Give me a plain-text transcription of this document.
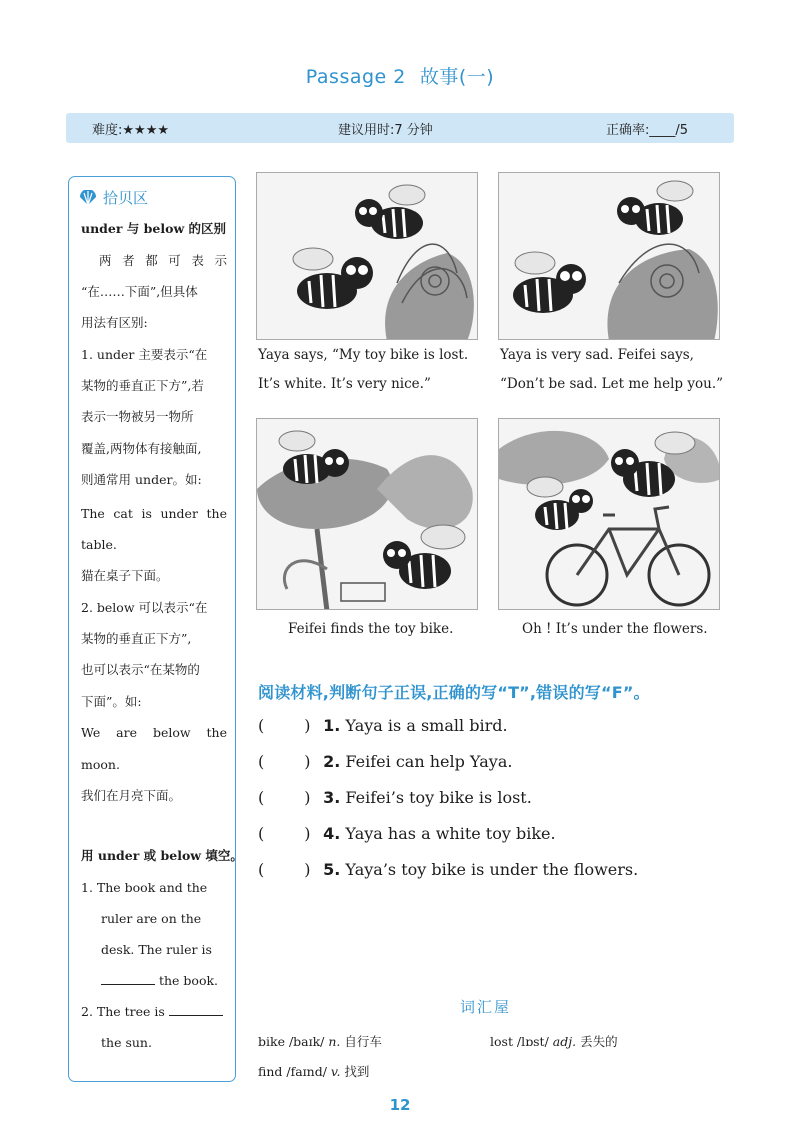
Passage 2 故事(一)
难度:★★★★	建议用时:7 分钟	正确率:____/5
拾贝区
under 与 below 的区别
两 者 都 可 表 示
“在……下面”,但具体
用法有区别:
1. under 主要表示“在
某物的垂直正下方”,若
表示一物被另一物所
覆盖,两物体有接触面,
则通常用 under。如:
The cat is under the
table.
猫在桌子下面。
2. below 可以表示“在
某物的垂直正下方”,
也可以表示“在某物的
下面”。如:
We are below the
moon.
我们在月亮下面。
用 under 或 below 填空。
1. The book and the
ruler are on the
desk. The ruler is
the book.
2. The tree is
the sun.
Yaya says, “My toy bike is lost.
It’s white. It’s very nice.”
Yaya is very sad. Feifei says,
“Don’t be sad. Let me help you.”
Feifei finds the toy bike.	Oh ! It’s under the flowers.
阅读材料,判断句子正误,正确的写“T”,错误的写“F”。
(	) 1. Yaya is a small bird.
(	) 2. Feifei can help Yaya.
(	) 3. Feifei’s toy bike is lost.
(	) 4. Yaya has a white toy bike.
(	) 5. Yaya’s toy bike is under the flowers.
词汇屋
bike /baɪk/ n. 自行车	lost /lɒst/ adj. 丢失的
find /faɪnd/ v. 找到
12
